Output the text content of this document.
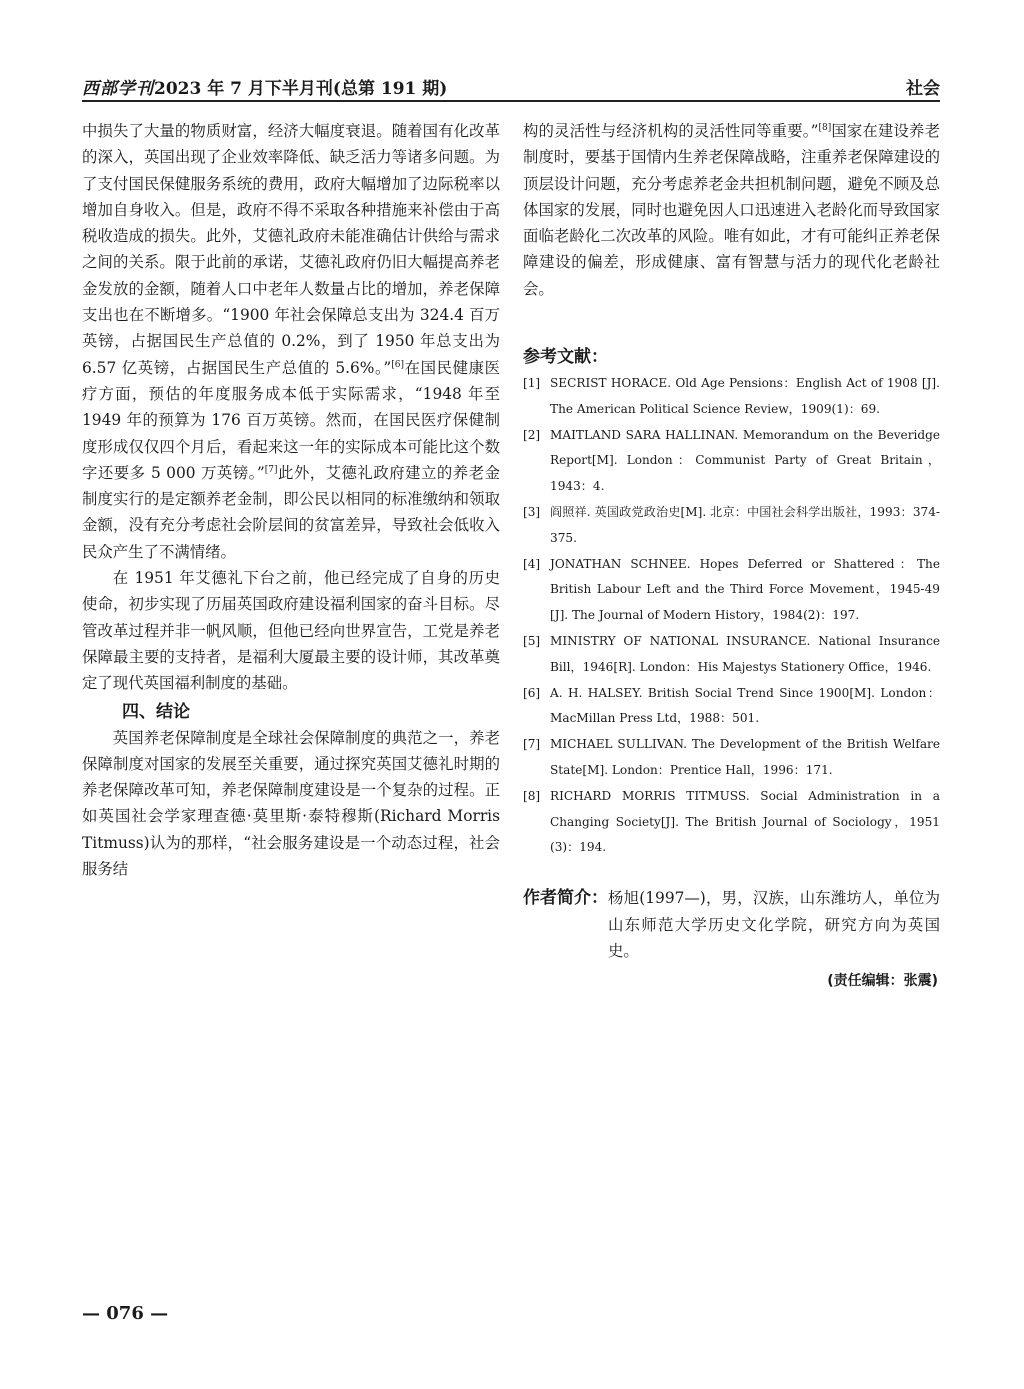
西部学刊2023 年 7 月下半月刊(总第 191 期)	社会

中损失了大量的物质财富，经济大幅度衰退。随着国有化改革的深入，英国出现了企业效率降低、缺乏活力等诸多问题。为了支付国民保健服务系统的费用，政府大幅增加了边际税率以增加自身收入。但是，政府不得不采取各种措施来补偿由于高税收造成的损失。此外，艾德礼政府未能准确估计供给与需求之间的关系。限于此前的承诺，艾德礼政府仍旧大幅提高养老金发放的金额，随着人口中老年人数量占比的增加，养老保障支出也在不断增多。“1900 年社会保障总支出为 324.4 百万英镑，占据国民生产总值的 0.2%，到了 1950 年总支出为 6.57 亿英镑，占据国民生产总值的 5.6%。”[6]在国民健康医疗方面，预估的年度服务成本低于实际需求，“1948 年至 1949 年的预算为 176 百万英镑。然而，在国民医疗保健制度形成仅仅四个月后，看起来这一年的实际成本可能比这个数字还要多 5 000 万英镑。”[7]此外，艾德礼政府建立的养老金制度实行的是定额养老金制，即公民以相同的标准缴纳和领取金额，没有充分考虑社会阶层间的贫富差异，导致社会低收入民众产生了不满情绪。

在 1951 年艾德礼下台之前，他已经完成了自身的历史使命，初步实现了历届英国政府建设福利国家的奋斗目标。尽管改革过程并非一帆风顺，但他已经向世界宣告，工党是养老保障最主要的支持者，是福利大厦最主要的设计师，其改革奠定了现代英国福利制度的基础。

四、结论

英国养老保障制度是全球社会保障制度的典范之一，养老保障制度对国家的发展至关重要，通过探究英国艾德礼时期的养老保障改革可知，养老保障制度建设是一个复杂的过程。正如英国社会学家理查德·莫里斯·泰特穆斯(Richard Morris Titmuss)认为的那样，“社会服务建设是一个动态过程，社会服务结

构的灵活性与经济机构的灵活性同等重要。”[8]国家在建设养老制度时，要基于国情内生养老保障战略，注重养老保障建设的顶层设计问题，充分考虑养老金共担机制问题，避免不顾及总体国家的发展，同时也避免因人口迅速进入老龄化而导致国家面临老龄化二次改革的风险。唯有如此，才有可能纠正养老保障建设的偏差，形成健康、富有智慧与活力的现代化老龄社会。

参考文献：
[1] SECRIST HORACE. Old Age Pensions：English Act of 1908 [J]. The American Political Science Review，1909(1)：69.
[2] MAITLAND SARA HALLINAN. Memorandum on the Beveridge Report[M]. London：Communist Party of Great Britain，1943：4.
[3] 阎照祥. 英国政党政治史[M]. 北京：中国社会科学出版社，1993：374-375.
[4] JONATHAN SCHNEE. Hopes Deferred or Shattered：The British Labour Left and the Third Force Movement，1945-49 [J]. The Journal of Modern History，1984(2)：197.
[5] MINISTRY OF NATIONAL INSURANCE. National Insurance Bill，1946[R]. London：His Majestys Stationery Office，1946.
[6] A. H. HALSEY. British Social Trend Since 1900[M]. London：MacMillan Press Ltd，1988：501.
[7] MICHAEL SULLIVAN. The Development of the British Welfare State[M]. London：Prentice Hall，1996：171.
[8] RICHARD MORRIS TITMUSS. Social Administration in a Changing Society[J]. The British Journal of Sociology，1951 (3)：194.
作者简介： 杨旭(1997—)，男，汉族，山东潍坊人，单位为山东师范大学历史文化学院，研究方向为英国史。
(责任编辑：张震)
— 076 —
